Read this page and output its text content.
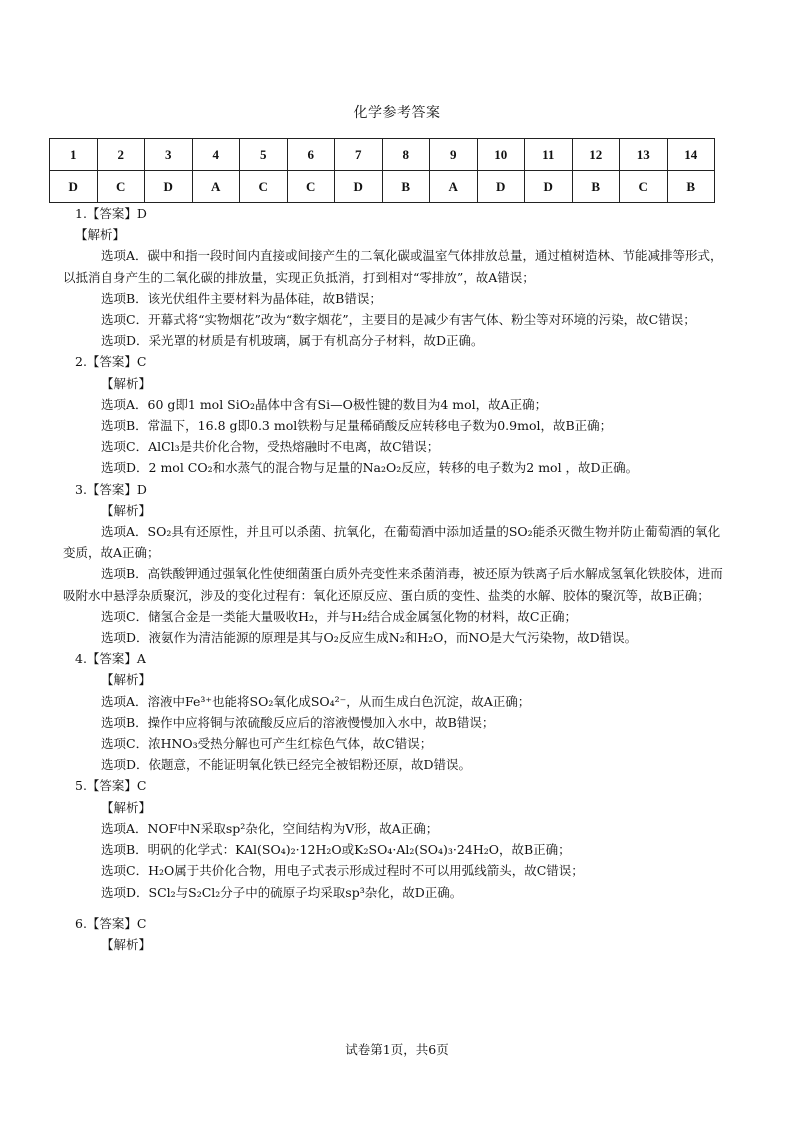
化学参考答案
1	2	3	4	5	6	7	8	9	10	11	12	13	14
D	C	D	A	C	C	D	B	A	D	D	B	C	B

1.【答案】D

【解析】

选项A．碳中和指一段时间内直接或间接产生的二氧化碳或温室气体排放总量，通过植树造林、节能减排等形式，以抵消自身产生的二氧化碳的排放量，实现正负抵消，打到相对“零排放”，故A错误；

选项B．该光伏组件主要材料为晶体硅，故B错误；

选项C．开幕式将“实物烟花”改为“数字烟花”，主要目的是减少有害气体、粉尘等对环境的污染，故C错误；

选项D．采光罩的材质是有机玻璃，属于有机高分子材料，故D正确。

2.【答案】C

【解析】

选项A．60 g即1 mol SiO₂晶体中含有Si—O极性键的数目为4 mol，故A正确；

选项B．常温下，16.8 g即0.3 mol铁粉与足量稀硝酸反应转移电子数为0.9mol，故B正确；

选项C．AlCl₃是共价化合物，受热熔融时不电离，故C错误；

选项D．2 mol CO₂和水蒸气的混合物与足量的Na₂O₂反应，转移的电子数为2 mol ，故D正确。

3.【答案】D

【解析】

选项A．SO₂具有还原性，并且可以杀菌、抗氧化，在葡萄酒中添加适量的SO₂能杀灭微生物并防止葡萄酒的氧化变质，故A正确；

选项B．高铁酸钾通过强氧化性使细菌蛋白质外壳变性来杀菌消毒，被还原为铁离子后水解成氢氧化铁胶体，进而吸附水中悬浮杂质聚沉，涉及的变化过程有：氧化还原反应、蛋白质的变性、盐类的水解、胶体的聚沉等，故B正确；

选项C．储氢合金是一类能大量吸收H₂，并与H₂结合成金属氢化物的材料，故C正确；

选项D．液氨作为清洁能源的原理是其与O₂反应生成N₂和H₂O，而NO是大气污染物，故D错误。

4.【答案】A

【解析】

选项A．溶液中Fe³⁺也能将SO₂氧化成SO₄²⁻，从而生成白色沉淀，故A正确；

选项B．操作中应将铜与浓硫酸反应后的溶液慢慢加入水中，故B错误；

选项C．浓HNO₃受热分解也可产生红棕色气体，故C错误；

选项D．依题意，不能证明氧化铁已经完全被铝粉还原，故D错误。

5.【答案】C

【解析】

选项A．NOF中N采取sp²杂化，空间结构为V形，故A正确；

选项B．明矾的化学式：KAl(SO₄)₂·12H₂O或K₂SO₄·Al₂(SO₄)₃·24H₂O，故B正确；

选项C．H₂O属于共价化合物，用电子式表示形成过程时不可以用弧线箭头，故C错误；

选项D．SCl₂与S₂Cl₂分子中的硫原子均采取sp³杂化，故D正确。

6.【答案】C

【解析】

试卷第1页，共6页
